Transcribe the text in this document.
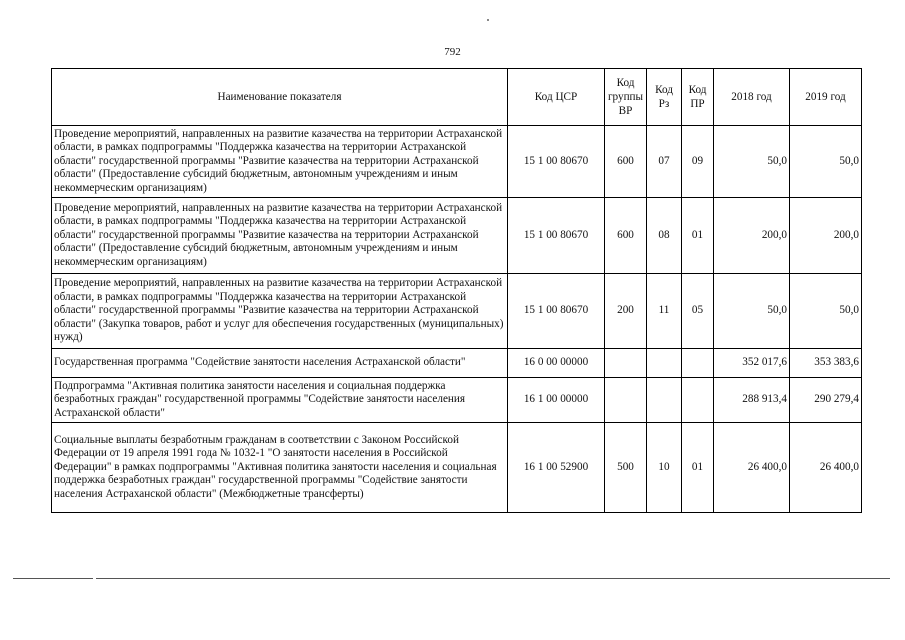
792
Наименование показателя	Код ЦСР	Код группы ВР	Код Рз	Код ПР	2018 год	2019 год
Проведение мероприятий, направленных на развитие казачества на территории Астраханской области, в рамках подпрограммы "Поддержка казачества на территории Астраханской области" государственной программы "Развитие казачества на территории Астраханской области" (Предоставление субсидий бюджетным, автономным учреждениям и иным некоммерческим организациям)	15 1 00 80670	600	07	09	50,0	50,0
Проведение мероприятий, направленных на развитие казачества на территории Астраханской области, в рамках подпрограммы "Поддержка казачества на территории Астраханской области" государственной программы "Развитие казачества на территории Астраханской области" (Предоставление субсидий бюджетным, автономным учреждениям и иным некоммерческим организациям)	15 1 00 80670	600	08	01	200,0	200,0
Проведение мероприятий, направленных на развитие казачества на территории Астраханской области, в рамках подпрограммы "Поддержка казачества на территории Астраханской области" государственной программы "Развитие казачества на территории Астраханской области" (Закупка товаров, работ и услуг для обеспечения государственных (муниципальных) нужд)	15 1 00 80670	200	11	05	50,0	50,0
Государственная программа "Содействие занятости населения Астраханской области"	16 0 00 00000				352 017,6	353 383,6
Подпрограмма "Активная политика занятости населения и социальная поддержка безработных граждан" государственной программы "Содействие занятости населения Астраханской области"	16 1 00 00000				288 913,4	290 279,4
Социальные выплаты безработным гражданам в соответствии с Законом Российской Федерации от 19 апреля 1991 года № 1032-1 "О занятости населения в Российской Федерации" в рамках подпрограммы "Активная политика занятости населения и социальная поддержка безработных граждан" государственной программы "Содействие занятости населения Астраханской области" (Межбюджетные трансферты)	16 1 00 52900	500	10	01	26 400,0	26 400,0
